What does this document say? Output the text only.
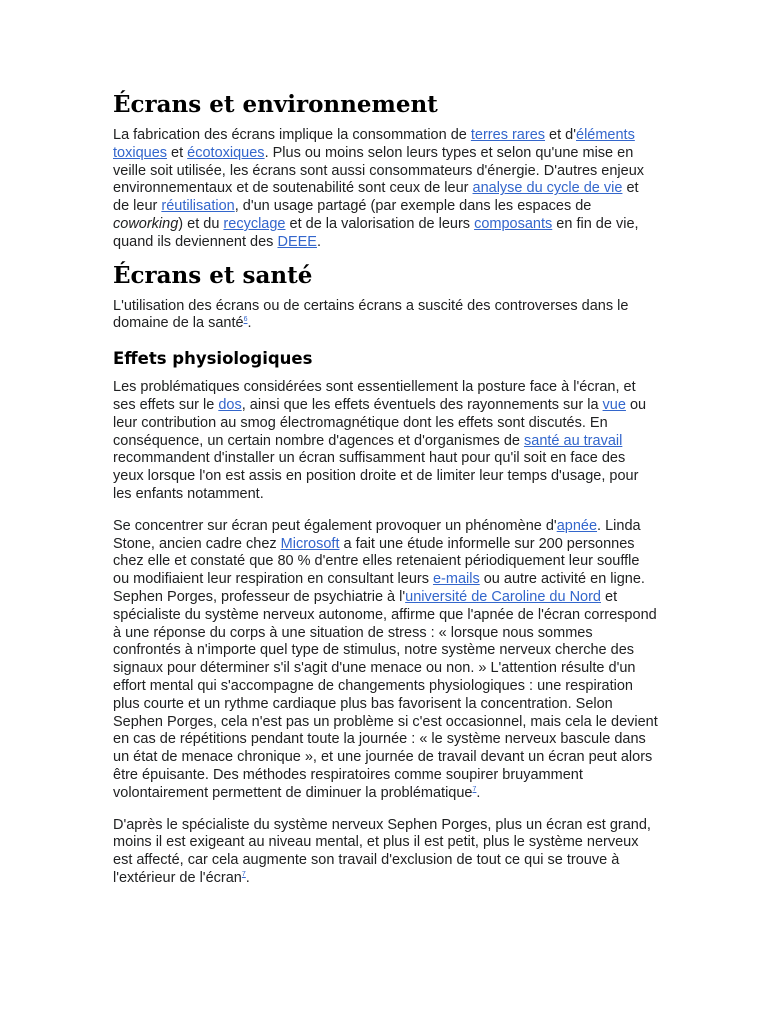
Écrans et environnement

La fabrication des écrans implique la consommation de terres rares et d'éléments toxiques et écotoxiques. Plus ou moins selon leurs types et selon qu'une mise en veille soit utilisée, les écrans sont aussi consommateurs d'énergie. D'autres enjeux environnementaux et de soutenabilité sont ceux de leur analyse du cycle de vie et de leur réutilisation, d'un usage partagé (par exemple dans les espaces de coworking) et du recyclage et de la valorisation de leurs composants en fin de vie, quand ils deviennent des DEEE.

Écrans et santé

L'utilisation des écrans ou de certains écrans a suscité des controverses dans le domaine de la santé$^6$.

Effets physiologiques

Les problématiques considérées sont essentiellement la posture face à l'écran, et ses effets sur le dos, ainsi que les effets éventuels des rayonnements sur la vue ou leur contribution au smog électromagnétique dont les effets sont discutés. En conséquence, un certain nombre d'agences et d'organismes de santé au travail recommandent d'installer un écran suffisamment haut pour qu'il soit en face des yeux lorsque l'on est assis en position droite et de limiter leur temps d'usage, pour les enfants notamment.

Se concentrer sur écran peut également provoquer un phénomène d'apnée. Linda Stone, ancien cadre chez Microsoft a fait une étude informelle sur 200 personnes chez elle et constaté que 80 % d'entre elles retenaient périodiquement leur souffle ou modifiaient leur respiration en consultant leurs e-mails ou autre activité en ligne. Sephen Porges, professeur de psychiatrie à l'université de Caroline du Nord et spécialiste du système nerveux autonome, affirme que l'apnée de l'écran correspond à une réponse du corps à une situation de stress : « lorsque nous sommes confrontés à n'importe quel type de stimulus, notre système nerveux cherche des signaux pour déterminer s'il s'agit d'une menace ou non. » L'attention résulte d'un effort mental qui s'accompagne de changements physiologiques : une respiration plus courte et un rythme cardiaque plus bas favorisent la concentration. Selon Sephen Porges, cela n'est pas un problème si c'est occasionnel, mais cela le devient en cas de répétitions pendant toute la journée : « le système nerveux bascule dans un état de menace chronique », et une journée de travail devant un écran peut alors être épuisante. Des méthodes respiratoires comme soupirer bruyamment volontairement permettent de diminuer la problématique$^7$.

D'après le spécialiste du système nerveux Sephen Porges, plus un écran est grand, moins il est exigeant au niveau mental, et plus il est petit, plus le système nerveux est affecté, car cela augmente son travail d'exclusion de tout ce qui se trouve à l'extérieur de l'écran$^7$.
